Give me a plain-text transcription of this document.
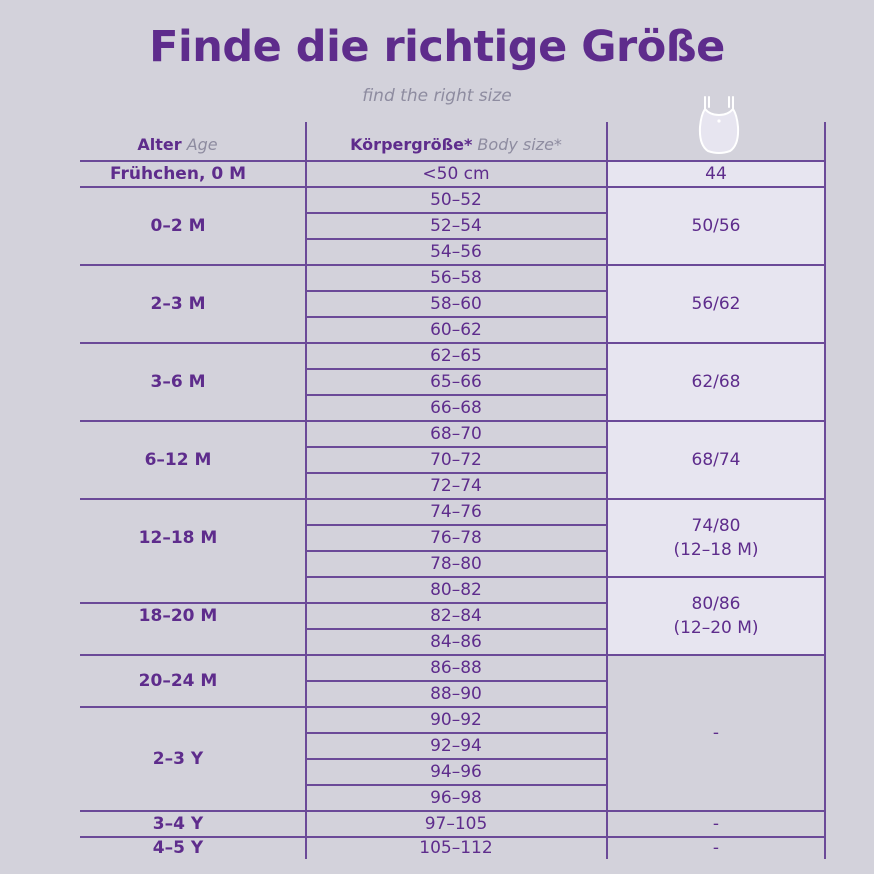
Finde die richtige Größe
find the right size
Alter Age	Körpergröße* Body size*
<50 cm
50–52
52–54
54–56
56–58
58–60
60–62
62–65
65–66
66–68
68–70
70–72
72–74
74–76
76–78
78–80
80–82
82–84
84–86
86–88
88–90
90–92
92–94
94–96
96–98
97–105
105–112
Frühchen, 0 M
0–2 M
2–3 M
3–6 M
6–12 M
12–18 M
18–20 M
20–24 M
2–3 Y
3–4 Y
4–5 Y
44
50/56
56/62
62/68
68/74
74/80
(12–18 M)
80/86
(12–20 M)
-
-
-
